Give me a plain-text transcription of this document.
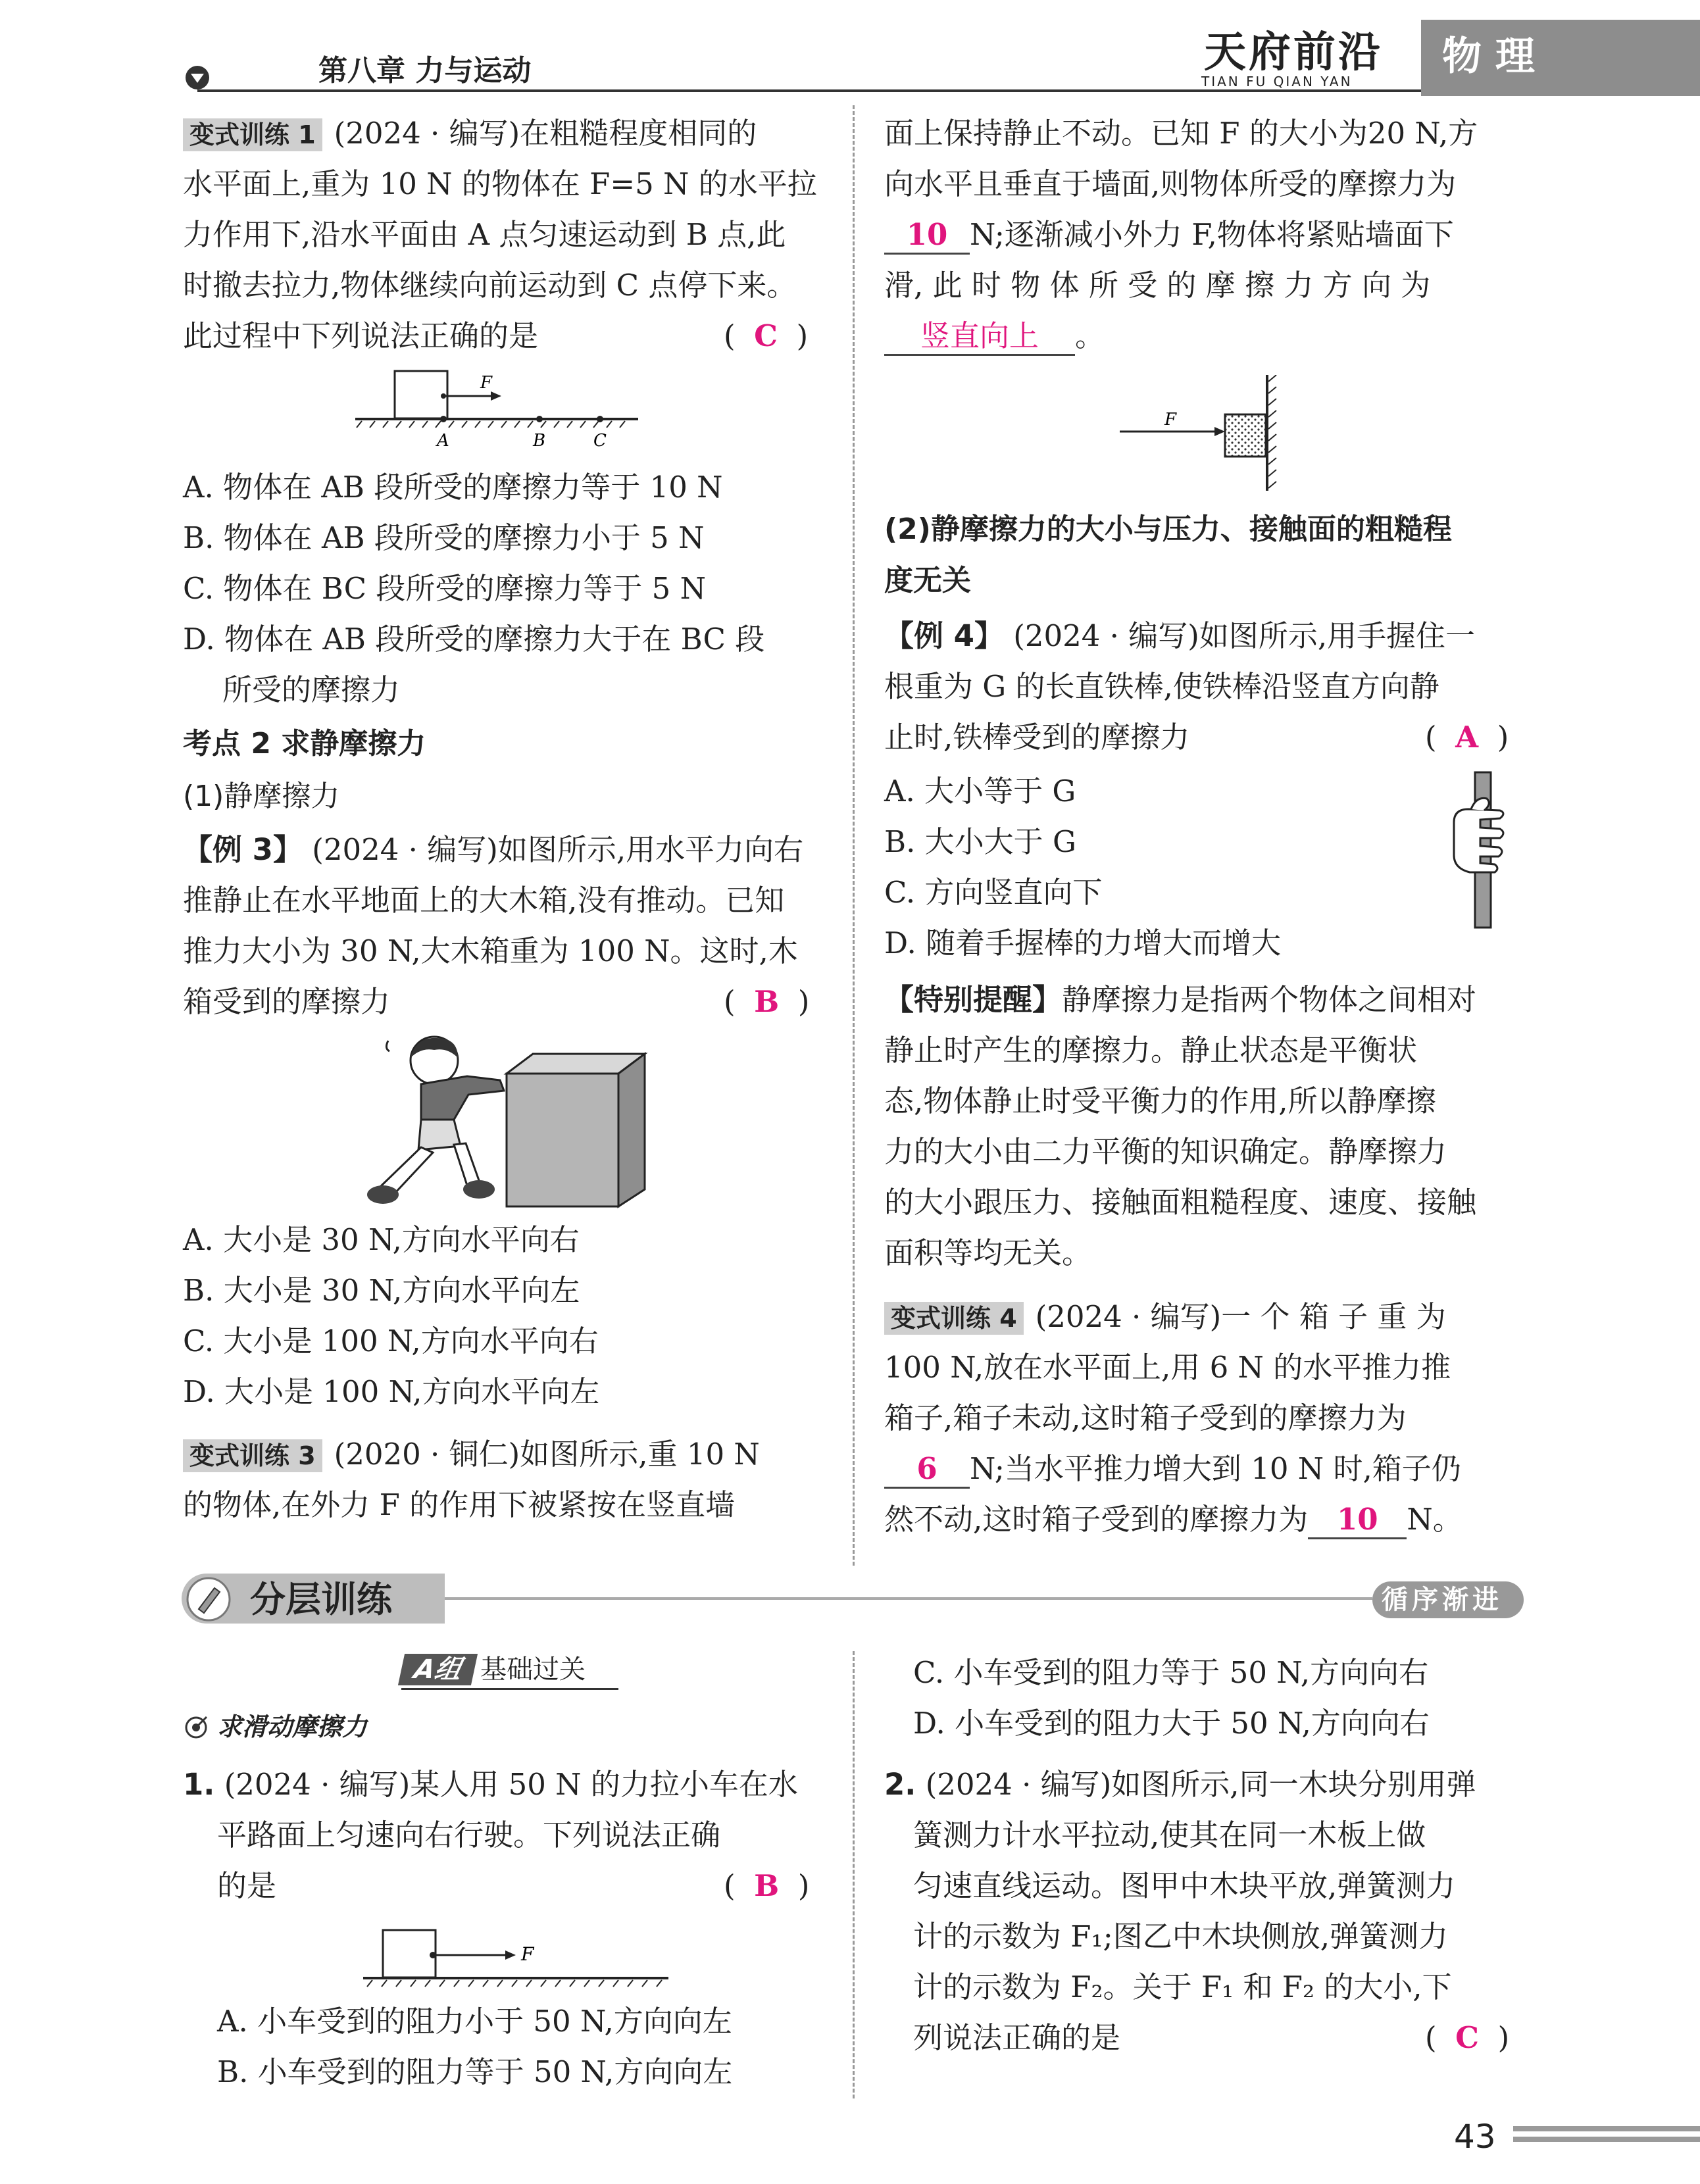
第八章 力与运动	天府前沿
TIAN FU QIAN YAN
物 理
变式训练 1 (2024 · 编写)在粗糙程度相同的
水平面上,重为 10 N 的物体在 F=5 N 的水平拉
力作用下,沿水平面由 A 点匀速运动到 B 点,此
时撤去拉力,物体继续向前运动到 C 点停下来。
此过程中下列说法正确的是	(  C  )
F
A	B	C
A. 物体在 AB 段所受的摩擦力等于 10 N
B. 物体在 AB 段所受的摩擦力小于 5 N
C. 物体在 BC 段所受的摩擦力等于 5 N
D. 物体在 AB 段所受的摩擦力大于在 BC 段
所受的摩擦力
考点 2 求静摩擦力
(1)静摩擦力
【例 3】 (2024 · 编写)如图所示,用水平力向右
推静止在水平地面上的大木箱,没有推动。已知
推力大小为 30 N,大木箱重为 100 N。这时,木
箱受到的摩擦力	(  B  )
A. 大小是 30 N,方向水平向右
B. 大小是 30 N,方向水平向左
C. 大小是 100 N,方向水平向右
D. 大小是 100 N,方向水平向左
变式训练 3 (2020 · 铜仁)如图所示,重 10 N
的物体,在外力 F 的作用下被紧按在竖直墙
面上保持静止不动。已知 F 的大小为20 N,方
向水平且垂直于墙面,则物体所受的摩擦力为
10 N;逐渐减小外力 F,物体将紧贴墙面下
滑, 此 时 物 体 所 受 的 摩 擦 力 方 向 为
竖直向上 。
F
(2)静摩擦力的大小与压力、接触面的粗糙程
度无关
【例 4】 (2024 · 编写)如图所示,用手握住一
根重为 G 的长直铁棒,使铁棒沿竖直方向静
止时,铁棒受到的摩擦力	(  A  )
A. 大小等于 G
B. 大小大于 G
C. 方向竖直向下
D. 随着手握棒的力增大而增大
【特别提醒】静摩擦力是指两个物体之间相对
静止时产生的摩擦力。静止状态是平衡状
态,物体静止时受平衡力的作用,所以静摩擦
力的大小由二力平衡的知识确定。静摩擦力
的大小跟压力、接触面粗糙程度、速度、接触
面积等均无关。
变式训练 4 (2024 · 编写)一 个 箱 子 重 为
100 N,放在水平面上,用 6 N 的水平推力推
箱子,箱子未动,这时箱子受到的摩擦力为
6 N;当水平推力增大到 10 N 时,箱子仍
然不动,这时箱子受到的摩擦力为 10 N。
分层训练	循序渐进
A组 基础过关
求滑动摩擦力
1. (2024 · 编写)某人用 50 N 的力拉小车在水
平路面上匀速向右行驶。下列说法正确
的是	(  B  )
F
A. 小车受到的阻力小于 50 N,方向向左
B. 小车受到的阻力等于 50 N,方向向左
C. 小车受到的阻力等于 50 N,方向向右
D. 小车受到的阻力大于 50 N,方向向右
2. (2024 · 编写)如图所示,同一木块分别用弹
簧测力计水平拉动,使其在同一木板上做
匀速直线运动。图甲中木块平放,弹簧测力
计的示数为 F₁;图乙中木块侧放,弹簧测力
计的示数为 F₂。关于 F₁ 和 F₂ 的大小,下
列说法正确的是	(  C  )
43
